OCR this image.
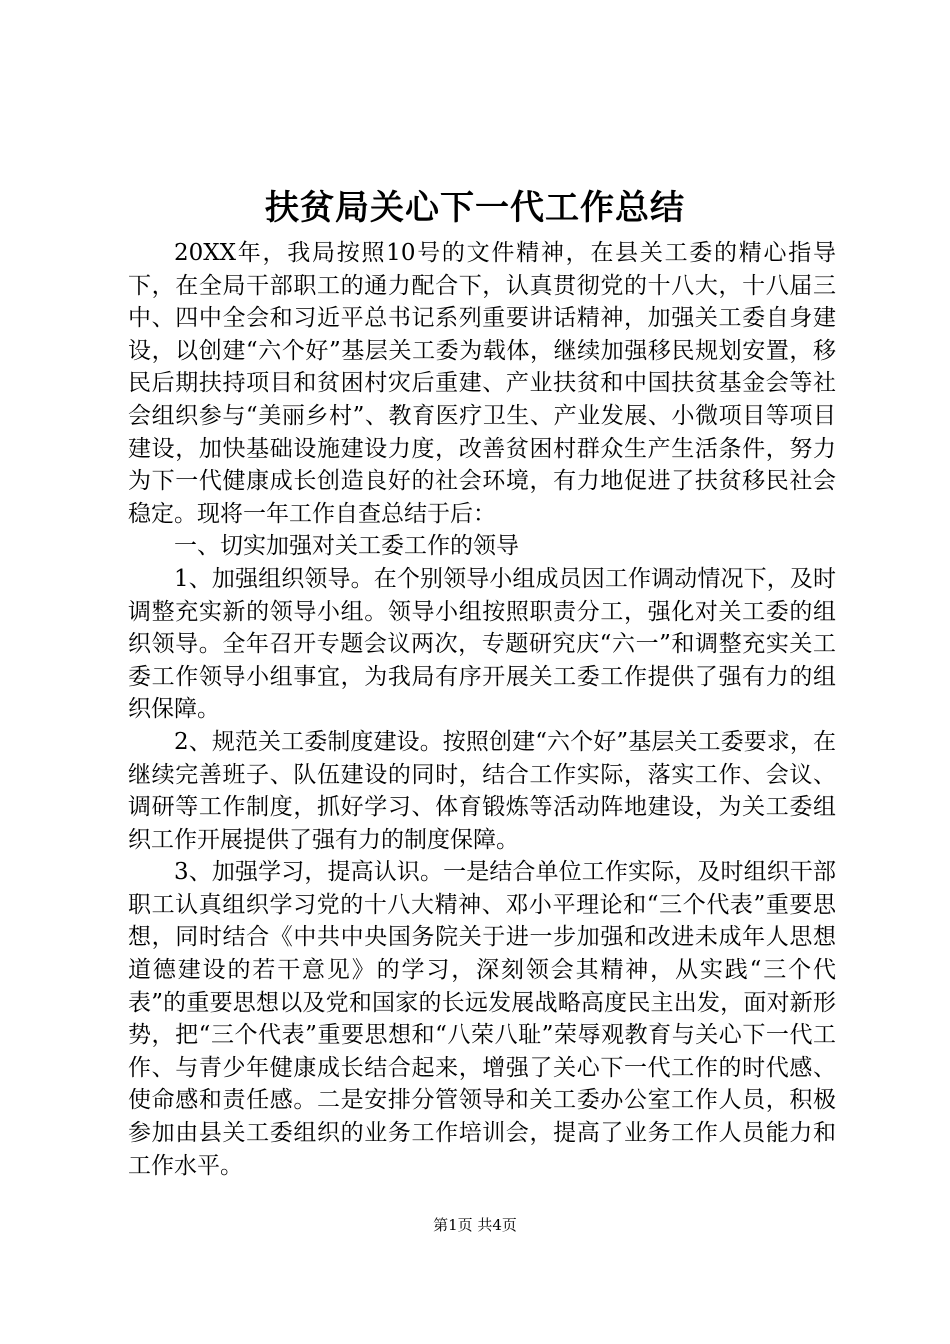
扶贫局关心下一代工作总结

20XX年，我局按照10号的文件精神，在县关工委的精心指导下，在全局干部职工的通力配合下，认真贯彻党的十八大，十八届三中、四中全会和习近平总书记系列重要讲话精神，加强关工委自身建设，以创建“六个好”基层关工委为载体，继续加强移民规划安置，移民后期扶持项目和贫困村灾后重建、产业扶贫和中国扶贫基金会等社会组织参与“美丽乡村”、教育医疗卫生、产业发展、小微项目等项目建设，加快基础设施建设力度，改善贫困村群众生产生活条件，努力为下一代健康成长创造良好的社会环境，有力地促进了扶贫移民社会稳定。现将一年工作自查总结于后：

一、切实加强对关工委工作的领导

1、加强组织领导。在个别领导小组成员因工作调动情况下，及时调整充实新的领导小组。领导小组按照职责分工，强化对关工委的组织领导。全年召开专题会议两次，专题研究庆“六一”和调整充实关工委工作领导小组事宜，为我局有序开展关工委工作提供了强有力的组织保障。

2、规范关工委制度建设。按照创建“六个好”基层关工委要求，在继续完善班子、队伍建设的同时，结合工作实际，落实工作、会议、调研等工作制度，抓好学习、体育锻炼等活动阵地建设，为关工委组织工作开展提供了强有力的制度保障。

3、加强学习，提高认识。一是结合单位工作实际，及时组织干部职工认真组织学习党的十八大精神、邓小平理论和“三个代表”重要思想，同时结合《中共中央国务院关于进一步加强和改进未成年人思想道德建设的若干意见》的学习，深刻领会其精神，从实践“三个代表”的重要思想以及党和国家的长远发展战略高度民主出发，面对新形势，把“三个代表”重要思想和“八荣八耻”荣辱观教育与关心下一代工作、与青少年健康成长结合起来，增强了关心下一代工作的时代感、使命感和责任感。二是安排分管领导和关工委办公室工作人员，积极参加由县关工委组织的业务工作培训会，提高了业务工作人员能力和工作水平。

第1页 共4页
